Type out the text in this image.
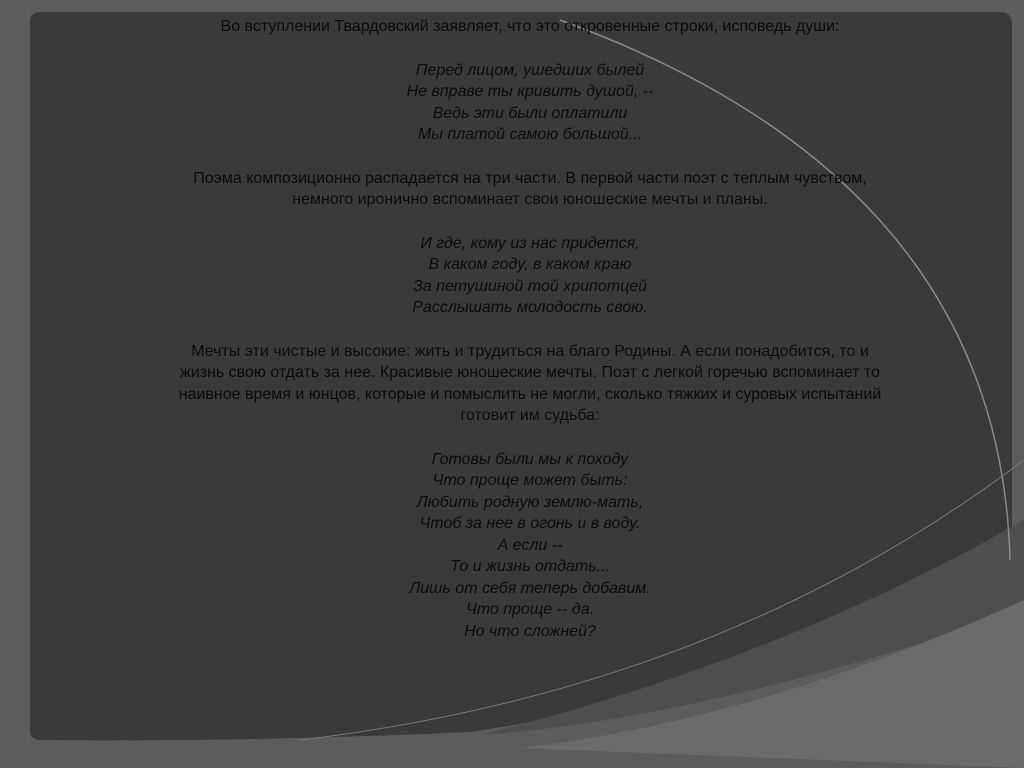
Во вступлении Твардовский заявляет, что это откровенные строки, исповедь души:
Перед лицом, ушедших былей
Не вправе ты кривить душой, --
Ведь эти были оплатили
Мы платой самою большой...
Поэма композиционно распадается на три части. В первой части поэт с теплым чувством,
немного иронично вспоминает свои юношеские мечты и планы.
И где, кому из нас придется,
В каком году, в каком краю
За петушиной той хрипотцей
Расслышать молодость свою.
Мечты эти чистые и высокие: жить и трудиться на благо Родины. А если понадобится, то и
жизнь свою отдать за нее. Красивые юношеские мечты. Поэт с легкой горечью вспоминает то
наивное время и юнцов, которые и помыслить не могли, сколько тяжких и суровых испытаний
готовит им судьба:
Готовы были мы к походу
Что проще может быть:
Любить родную землю-мать,
Чтоб за нее в огонь и в воду.
А если --
То и жизнь отдать...
Лишь от себя теперь добавим.
Что проще -- да.
Но что сложней?
